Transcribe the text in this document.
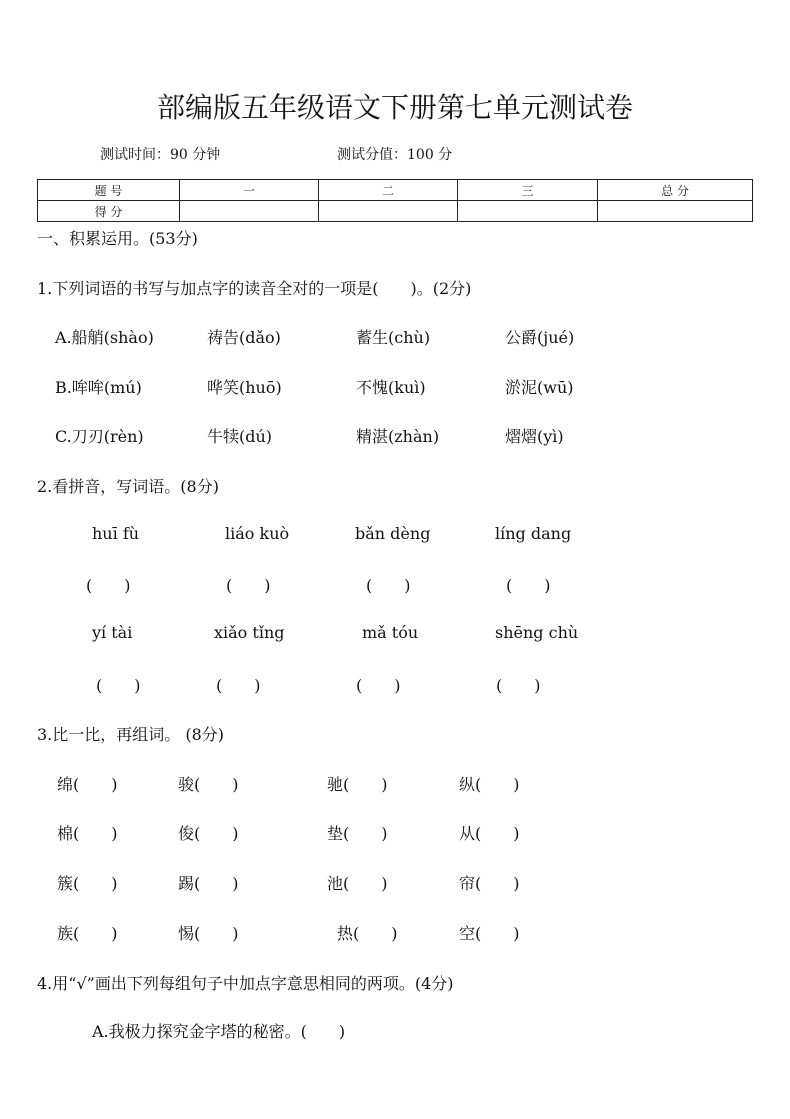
部编版五年级语文下册第七单元测试卷
测试时间：90 分钟	测试分值：100 分
题 号	一	二	三	总 分
得 分				
一、积累运用。(53分)
1.下列词语的书写与加点字的读音全对的一项是(　　)。(2分)
A.船艄(shào)	祷告(dǎo)	蓄生(chù)	公爵(jué)
B.哞哞(mú)	哗笑(huō)	不愧(kuì)	淤泥(wū)
C.刀刃(rèn)	牛犊(dú)	精湛(zhàn)	熠熠(yì)
2.看拼音，写词语。(8分)
huī fù	liáo kuò	bǎn dèng	líng dang
(　　)	(　　)	(　　)	(　　)
yí tài	xiǎo tǐng	mǎ tóu	shēng chù
(　　)	(　　)	(　　)	(　　)
3.比一比，再组词。 (8分)
绵(　　)	骏(　　)	驰(　　)	纵(　　)
棉(　　)	俊(　　)	垫(　　)	从(　　)
簇(　　)	踢(　　)	池(　　)	帘(　　)
族(　　)	惕(　　)	热(　　)	空(　　)
4.用“√”画出下列每组句子中加点字意思相同的两项。(4分)
A.我极力探究金字塔的秘密。(　　)
